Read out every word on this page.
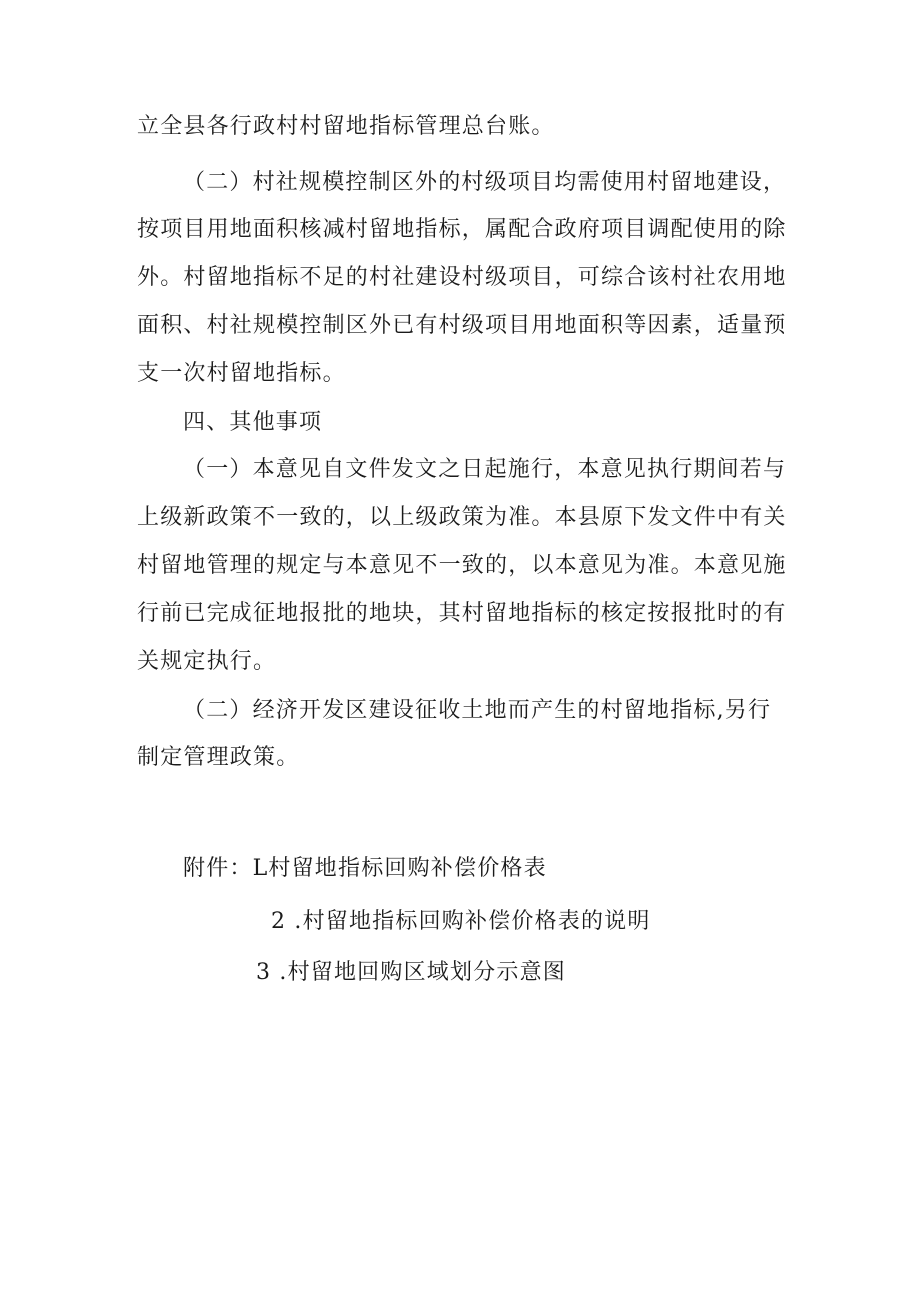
立全县各行政村村留地指标管理总台账。
（二）村社规模控制区外的村级项目均需使用村留地建设，
按项目用地面积核减村留地指标，属配合政府项目调配使用的除
外。村留地指标不足的村社建设村级项目，可综合该村社农用地
面积、村社规模控制区外已有村级项目用地面积等因素，适量预
支一次村留地指标。
四、其他事项
（一）本意见自文件发文之日起施行，本意见执行期间若与
上级新政策不一致的，以上级政策为准。本县原下发文件中有关
村留地管理的规定与本意见不一致的，以本意见为准。本意见施
行前已完成征地报批的地块，其村留地指标的核定按报批时的有
关规定执行。
（二）经济开发区建设征收土地而产生的村留地指标,另行
制定管理政策。
附件：L村留地指标回购补偿价格表
2 .村留地指标回购补偿价格表的说明
3 .村留地回购区域划分示意图
